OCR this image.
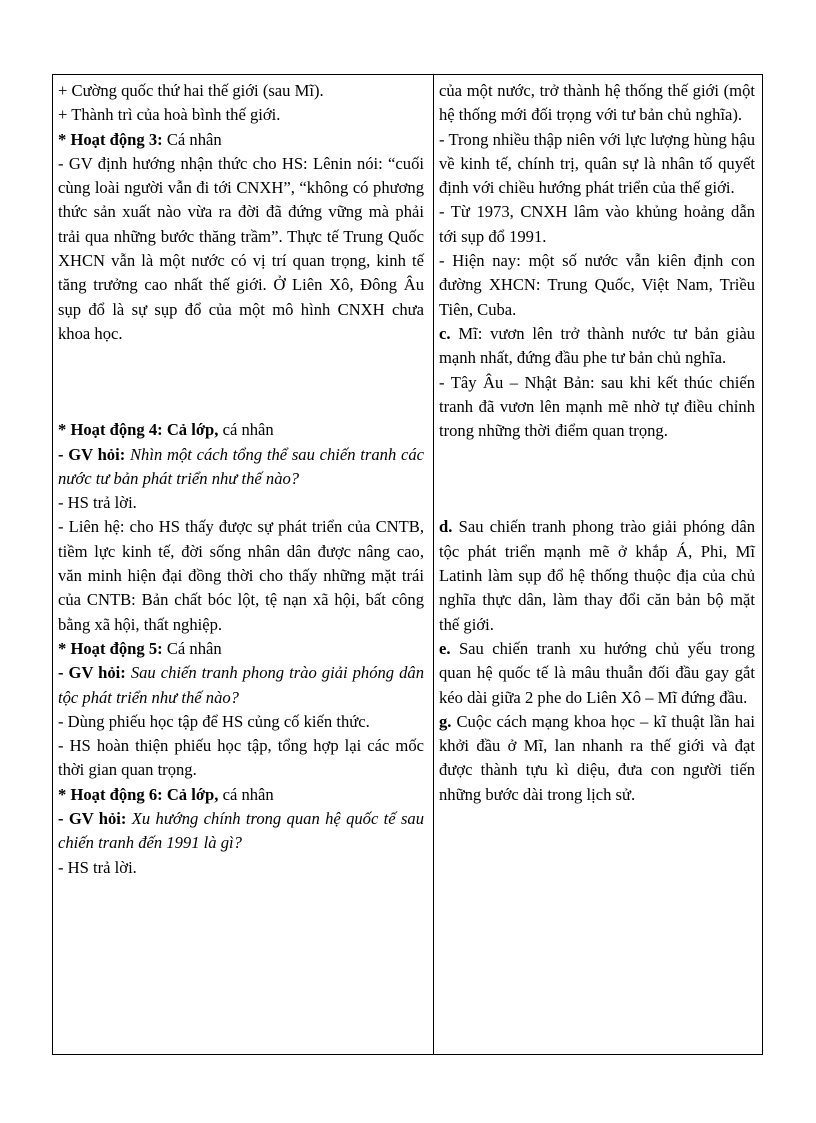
+ Cường quốc thứ hai thế giới (sau Mĩ).

+ Thành trì của hoà bình thế giới.

* Hoạt động 3: Cá nhân

- GV định hướng nhận thức cho HS: Lênin nói: “cuối cùng loài người vẫn đi tới CNXH”, “không có phương thức sản xuất nào vừa ra đời đã đứng vững mà phải trải qua những bước thăng trầm”. Thực tế Trung Quốc XHCN vẫn là một nước có vị trí quan trọng, kinh tế tăng trưởng cao nhất thế giới. Ở Liên Xô, Đông Âu sụp đổ là sự sụp đổ của một mô hình CNXH chưa khoa học.

* Hoạt động 4: Cả lớp, cá nhân

- GV hỏi: Nhìn một cách tổng thể sau chiến tranh các nước tư bản phát triển như thế nào?

- HS trả lời.

- Liên hệ: cho HS thấy được sự phát triển của CNTB, tiềm lực kinh tế, đời sống nhân dân được nâng cao, văn minh hiện đại đồng thời cho thấy những mặt trái của CNTB: Bản chất bóc lột, tệ nạn xã hội, bất công bằng xã hội, thất nghiệp.

* Hoạt động 5: Cá nhân

- GV hỏi: Sau chiến tranh phong trào giải phóng dân tộc phát triển như thế nào?

- Dùng phiếu học tập để HS củng cố kiến thức.

- HS hoàn thiện phiếu học tập, tổng hợp lại các mốc thời gian quan trọng.

* Hoạt động 6: Cả lớp, cá nhân

- GV hỏi: Xu hướng chính trong quan hệ quốc tế sau chiến tranh đến 1991 là gì?

- HS trả lời.

của một nước, trở thành hệ thống thế giới (một hệ thống mới đối trọng với tư bản chủ nghĩa).

- Trong nhiều thập niên với lực lượng hùng hậu về kinh tế, chính trị, quân sự là nhân tố quyết định với chiều hướng phát triển của thế giới.

- Từ 1973, CNXH lâm vào khủng hoảng dẫn tới sụp đổ 1991.

- Hiện nay: một số nước vẫn kiên định con đường XHCN: Trung Quốc, Việt Nam, Triều Tiên, Cuba.

c. Mĩ: vươn lên trở thành nước tư bản giàu mạnh nhất, đứng đầu phe tư bản chủ nghĩa.

- Tây Âu – Nhật Bản: sau khi kết thúc chiến tranh đã vươn lên mạnh mẽ nhờ tự điều chỉnh trong những thời điểm quan trọng.

d. Sau chiến tranh phong trào giải phóng dân tộc phát triển mạnh mẽ ở khắp Á, Phi, Mĩ Latinh làm sụp đổ hệ thống thuộc địa của chủ nghĩa thực dân, làm thay đổi căn bản bộ mặt thế giới.

e. Sau chiến tranh xu hướng chủ yếu trong quan hệ quốc tế là mâu thuẫn đối đầu gay gắt kéo dài giữa 2 phe do Liên Xô – Mĩ đứng đầu.

g. Cuộc cách mạng khoa học – kĩ thuật lần hai khởi đầu ở Mĩ, lan nhanh ra thế giới và đạt được thành tựu kì diệu, đưa con người tiến những bước dài trong lịch sử.
